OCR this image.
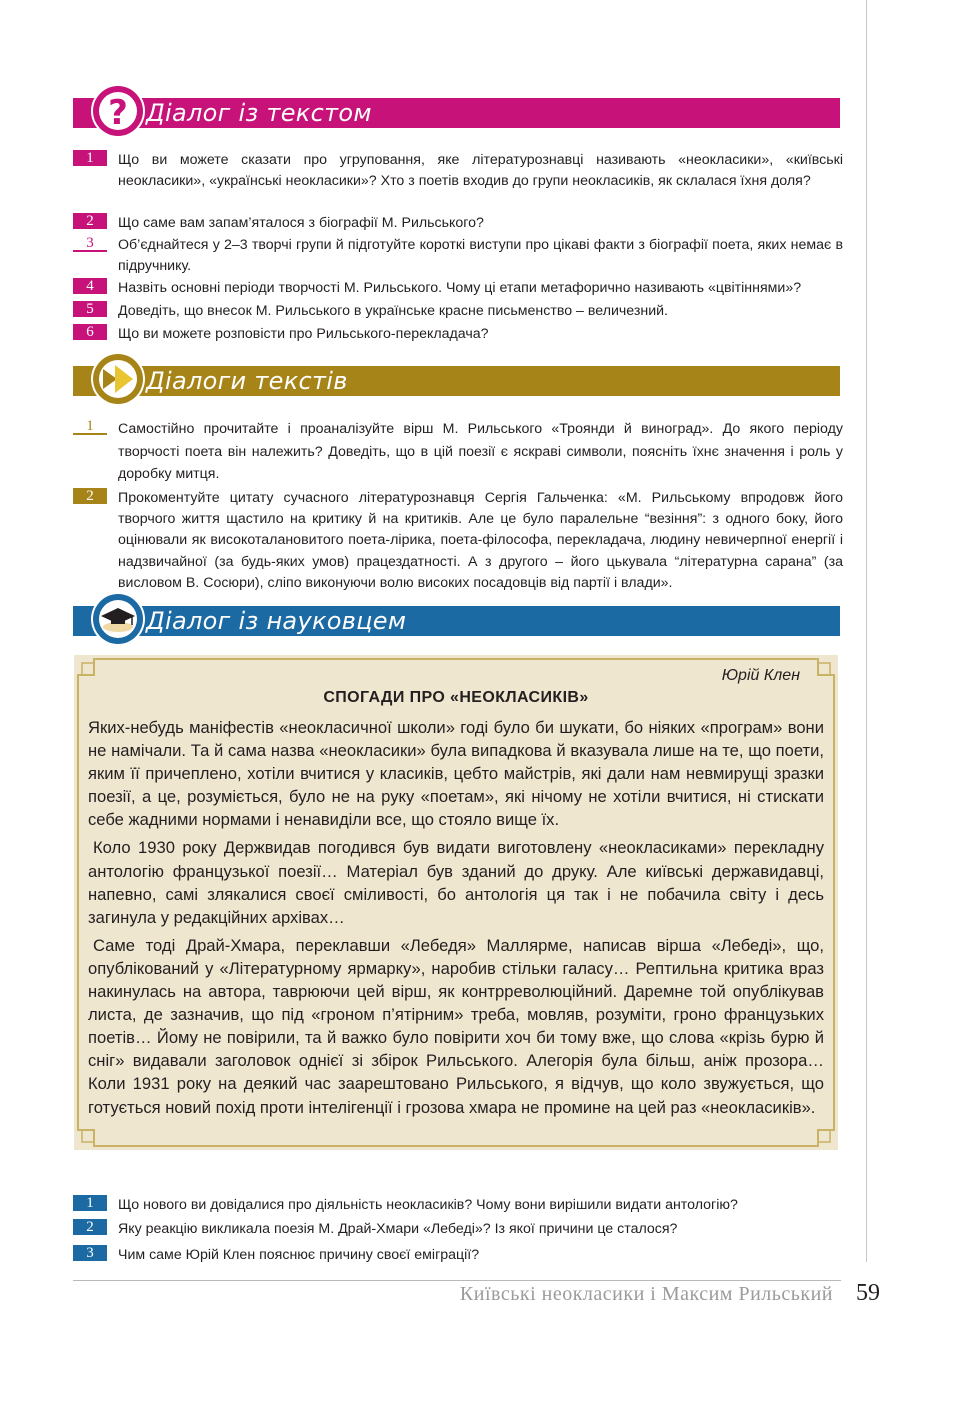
? Діалог із текстом
1	Що ви можете сказати про угруповання, яке літературознавці називають «неокласики», «київські неокласики», «українські неокласики»? Хто з поетів входив до групи неокласиків, як склалася їхня доля?
2	Що саме вам запам’яталося з біографії М. Рильського?
3	Об’єднайтеся у 2–3 творчі групи й підготуйте короткі виступи про цікаві факти з біографії поета, яких немає в підручнику.
4	Назвіть основні періоди творчості М. Рильського. Чому ці етапи метафорично називають «цвітіннями»?
5	Доведіть, що внесок М. Рильського в українське красне письменство – величезний.
6	Що ви можете розповісти про Рильського-перекладача?
Діалоги текстів
1	Самостійно прочитайте і проаналізуйте вірш М. Рильського «Троянди й виноград». До якого періоду творчості поета він належить? Доведіть, що в цій поезії є яскраві символи, поясніть їхнє значення і роль у доробку митця.
2	Прокоментуйте цитату сучасного літературознавця Сергія Гальченка: «М. Рильському впродовж його творчого життя щастило на критику й на критиків. Але це було паралельне “везіння”: з одного боку, його оцінювали як високоталановитого поета-лірика, поета-філософа, перекладача, людину невичерпної енергії і надзвичайної (за будь-яких умов) працездатності. А з другого – його цькувала “літературна сарана” (за висловом В. Сосюри), сліпо виконуючи волю високих посадовців від партії і влади».
Діалог із науковцем
Юрій Клен
СПОГАДИ ПРО «НЕОКЛАСИКІВ»

Яких-небудь маніфестів «неокласичної школи» годі було би шукати, бо ніяких «програм» вони не намічали. Та й сама назва «неокласики» була випадкова й вказувала лише на те, що поети, яким її причеплено, хотіли вчитися у класиків, цебто майстрів, які дали нам невмирущі зразки поезії, а це, розуміється, було не на руку «поетам», які нічому не хотіли вчитися, ні стискати себе жадними нормами і ненавиділи все, що стояло вище їх.

Коло 1930 року Держвидав погодився був видати виготовлену «неокласиками» перекладну антологію французької поезії… Матеріал був зданий до друку. Але київські державидавці, напевно, самі злякалися своєї сміливості, бо антологія ця так і не побачила світу і десь загинула у редакційних архівах…

Саме тоді Драй-Хмара, переклавши «Лебедя» Маллярме, написав вірша «Лебеді», що, опублікований у «Літературному ярмарку», наробив стільки галасу… Рептильна критика враз накинулась на автора, таврюючи цей вірш, як контрреволюційний. Даремне той опублікував листа, де зазначив, що під «гроном п’ятірним» треба, мовляв, розуміти, гроно французьких поетів… Йому не повірили, та й важко було повірити хоч би тому вже, що слова «крізь бурю й сніг» видавали заголовок однієї зі збірок Рильського. Алегорія була більш, аніж прозора… Коли 1931 року на деякий час заарештовано Рильського, я відчув, що коло звужується, що готується новий похід проти інтелігенції і грозова хмара не промине на цей раз «неокласиків».

1	Що нового ви довідалися про діяльність неокласиків? Чому вони вирішили видати антологію?
2	Яку реакцію викликала поезія М. Драй-Хмари «Лебеді»? Із якої причини це сталося?
3	Чим саме Юрій Клен пояснює причину своєї еміграції?
Київські неокласики і Максим Рильський 59
